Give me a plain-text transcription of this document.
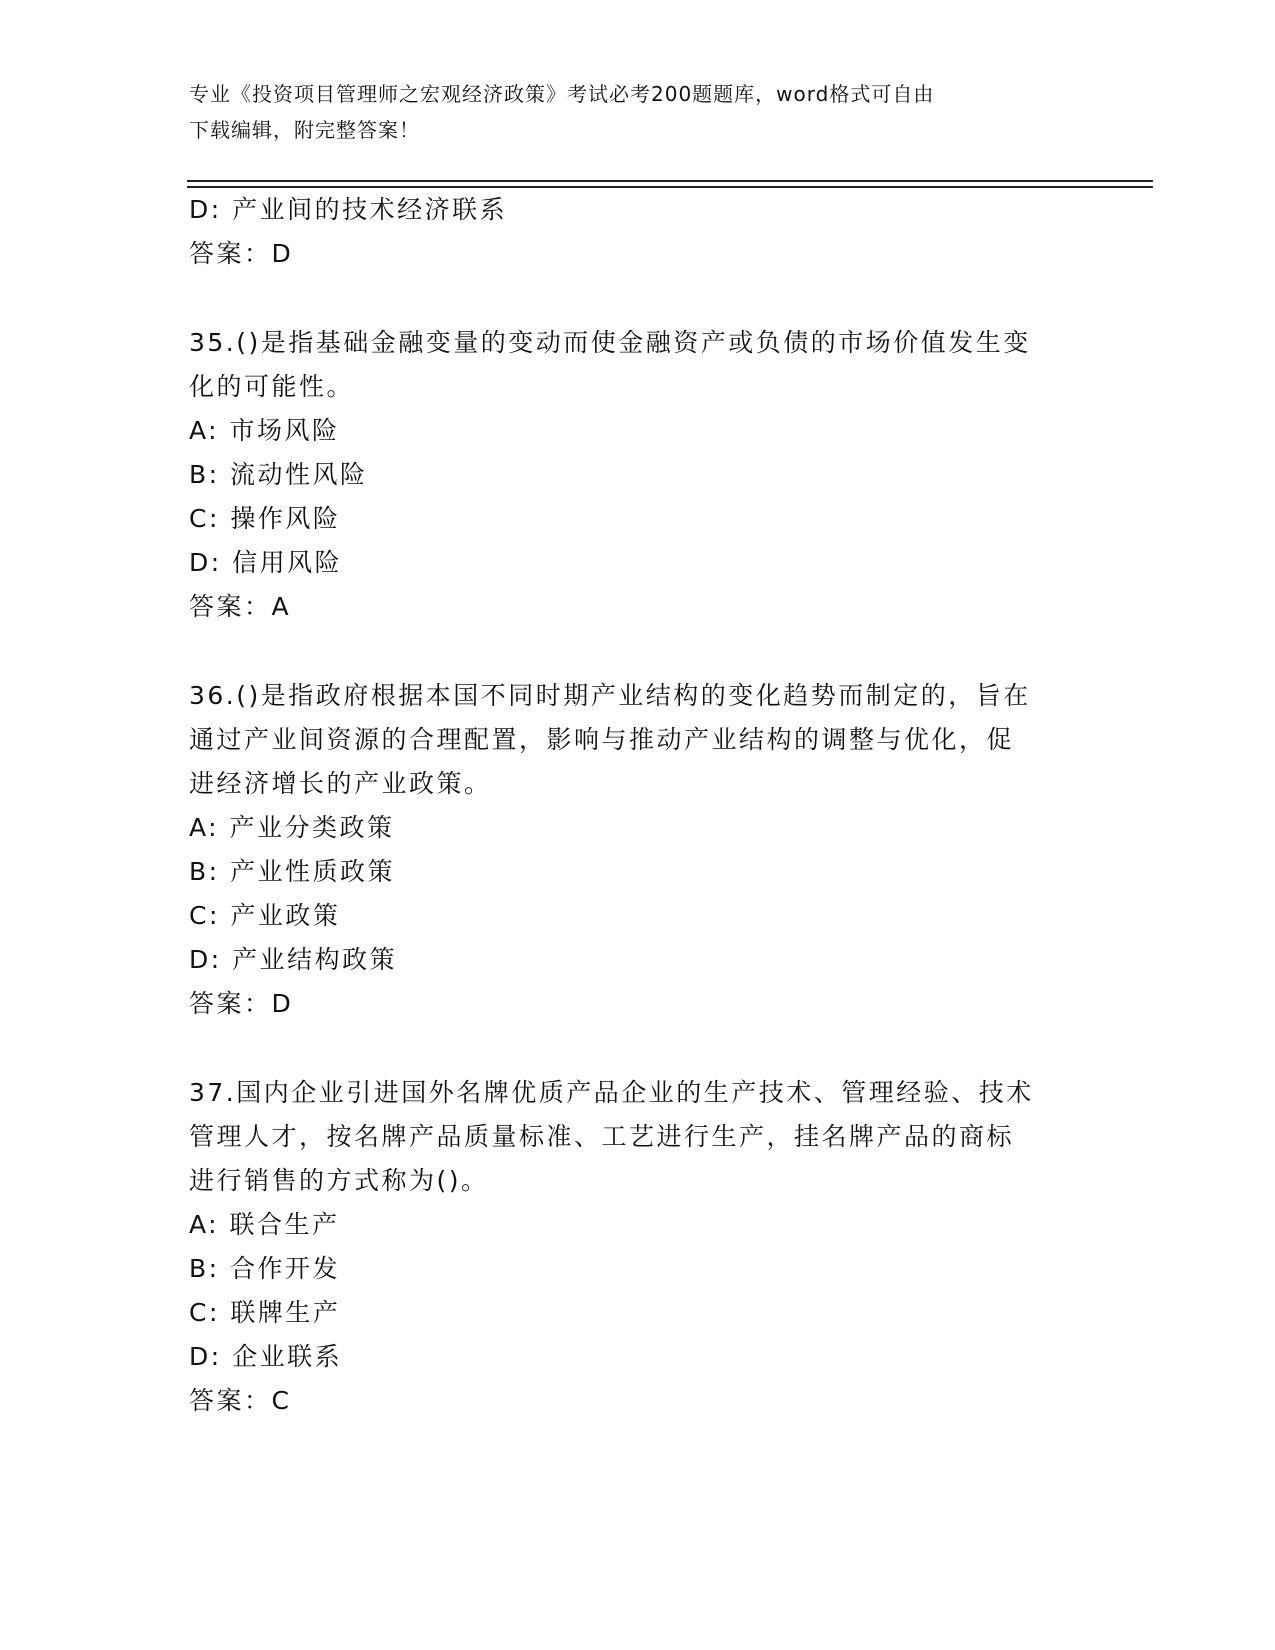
专业《投资项目管理师之宏观经济政策》考试必考200题题库，word格式可自由
下载编辑，附完整答案！
D: 产业间的技术经济联系
答案：D
35.()是指基础金融变量的变动而使金融资产或负债的市场价值发生变
化的可能性。
A: 市场风险
B: 流动性风险
C: 操作风险
D: 信用风险
答案：A
36.()是指政府根据本国不同时期产业结构的变化趋势而制定的，旨在
通过产业间资源的合理配置，影响与推动产业结构的调整与优化，促
进经济增长的产业政策。
A: 产业分类政策
B: 产业性质政策
C: 产业政策
D: 产业结构政策
答案：D
37.国内企业引进国外名牌优质产品企业的生产技术、管理经验、技术
管理人才，按名牌产品质量标准、工艺进行生产，挂名牌产品的商标
进行销售的方式称为()。
A: 联合生产
B: 合作开发
C: 联牌生产
D: 企业联系
答案：C
